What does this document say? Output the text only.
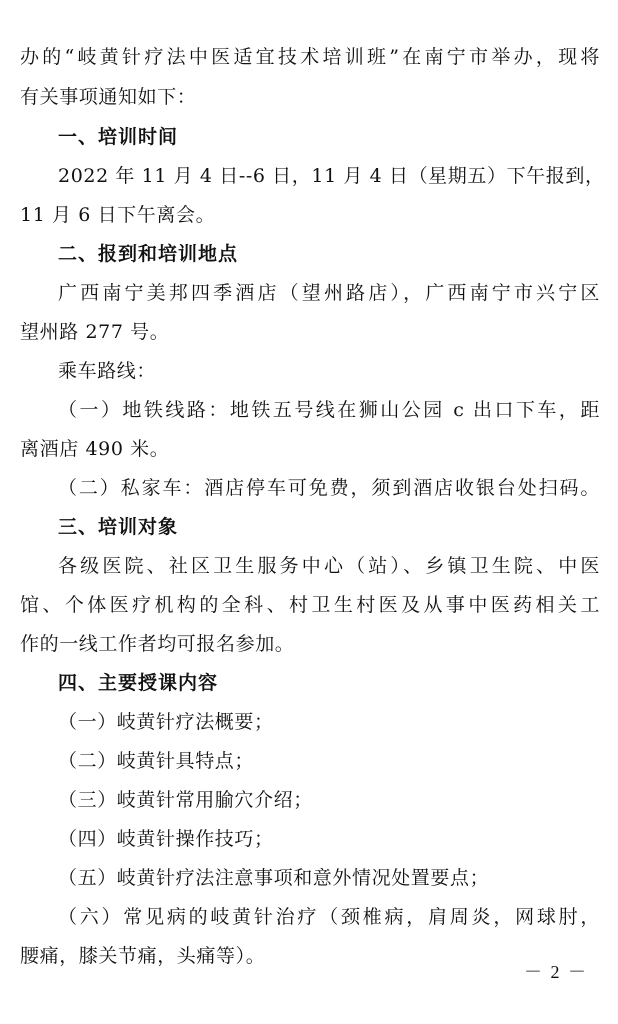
办的“岐黄针疗法中医适宜技术培训班”在南宁市举办，现将
有关事项通知如下：
一、培训时间
2022 年 11 月 4 日--6 日，11 月 4 日（星期五）下午报到，
11 月 6 日下午离会。
二、报到和培训地点
广西南宁美邦四季酒店（望州路店），广西南宁市兴宁区
望州路 277 号。
乘车路线：
（一）地铁线路：地铁五号线在狮山公园 c 出口下车，距
离酒店 490 米。
（二）私家车：酒店停车可免费，须到酒店收银台处扫码。
三、培训对象
各级医院、社区卫生服务中心（站）、乡镇卫生院、中医
馆、个体医疗机构的全科、村卫生村医及从事中医药相关工
作的一线工作者均可报名参加。
四、主要授课内容
（一）岐黄针疗法概要；
（二）岐黄针具特点；
（三）岐黄针常用腧穴介绍；
（四）岐黄针操作技巧；
（五）岐黄针疗法注意事项和意外情况处置要点；
（六）常见病的岐黄针治疗（颈椎病，肩周炎，网球肘，
腰痛，膝关节痛，头痛等）。
－ 2 －
